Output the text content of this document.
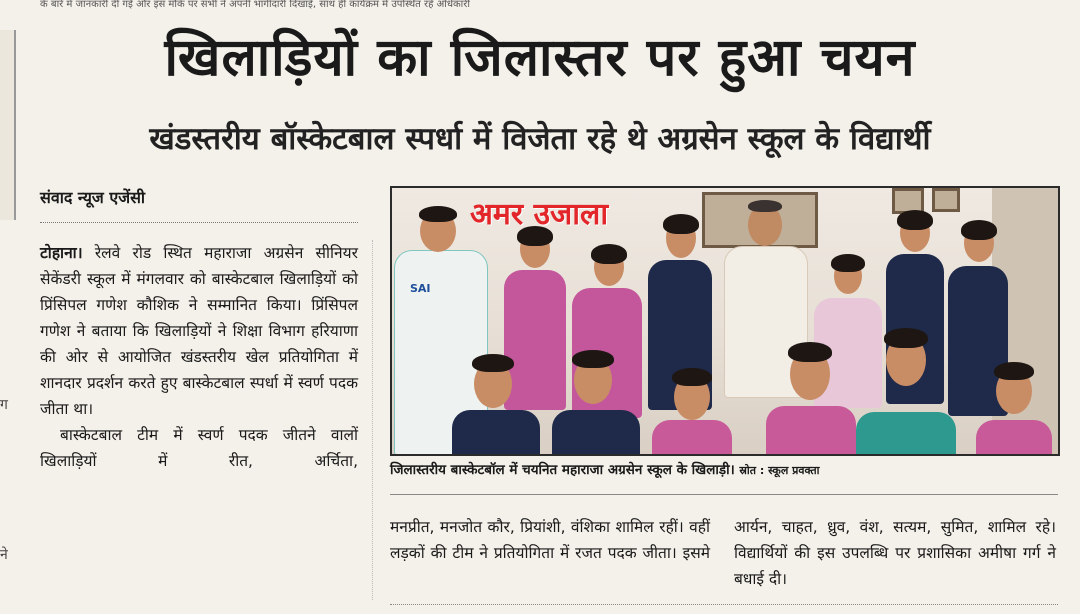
के बारे में जानकारी दी गई और इस मौके पर सभी ने अपनी भागीदारी दिखाई, साथ ही कार्यक्रम में उपस्थित रहे अधिकारी
ग
ने
खिलाड़ियों का जिलास्तर पर हुआ चयन
खंडस्तरीय बॉस्केटबाल स्पर्धा में विजेता रहे थे अग्रसेन स्कूल के विद्यार्थी
संवाद न्यूज एजेंसी

टोहाना। रेलवे रोड स्थित महाराजा अग्रसेन सीनियर सेकेंडरी स्कूल में मंगलवार को बास्केटबाल खिलाड़ियों को प्रिंसिपल गणेश कौशिक ने सम्मानित किया। प्रिंसिपल गणेश ने बताया कि खिलाड़ियों ने शिक्षा विभाग हरियाणा की ओर से आयोजित खंडस्तरीय खेल प्रतियोगिता में शानदार प्रदर्शन करते हुए बास्केटबाल स्पर्धा में स्वर्ण पदक जीता था।

बास्केटबाल टीम में स्वर्ण पदक जीतने वालों खिलाड़ियों में रीत, अर्चिता,

SAI
अमर उजाला
जिलास्तरीय बास्केटबॉल में चयनित महाराजा अग्रसेन स्कूल के खिलाड़ी। स्रोत : स्कूल प्रवक्ता

मनप्रीत, मनजोत कौर, प्रियांशी, वंशिका शामिल रहीं। वहीं लड़कों की टीम ने प्रतियोगिता में रजत पदक जीता। इसमे

आर्यन, चाहत, ध्रुव, वंश, सत्यम, सुमित, शामिल रहे। विद्यार्थियों की इस उपलब्धि पर प्रशासिका अमीषा गर्ग ने बधाई दी।
